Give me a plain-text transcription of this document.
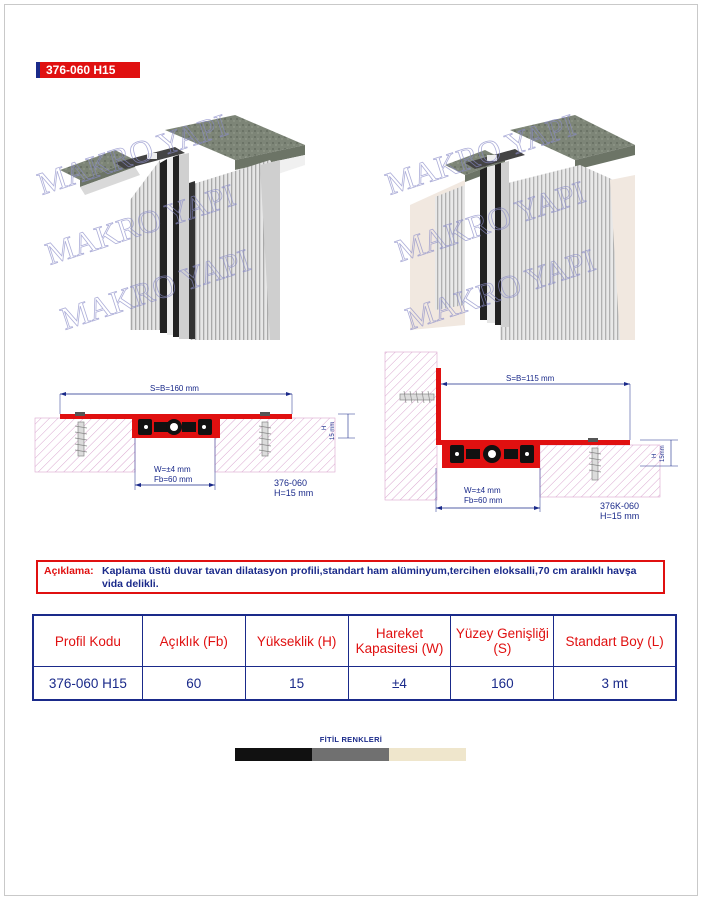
376-060 H15
MAKRO YAPI
MAKRO YAPI
MAKRO YAPI
MAKRO YAPI
MAKRO YAPI
MAKRO YAPI
S=B=160 mm
H 15 mm
W=±4 mm
Fb=60 mm	376-060
H=15 mm
S=B=115 mm
H 15mm
W=±4 mm
Fb=60 mm
376K-060
H=15 mm
Açıklama: Kaplama üstü duvar tavan dilatasyon profili,standart ham alüminyum,tercihen eloksalli,70 cm aralıklı havşa vida delikli.
Profil Kodu	Açıklık (Fb)	Yükseklik (H)	Hareket Kapasitesi (W)	Yüzey Genişliği (S)	Standart Boy (L)
376-060 H15	60	15	±4	160	3 mt
FİTİL RENKLERİ
